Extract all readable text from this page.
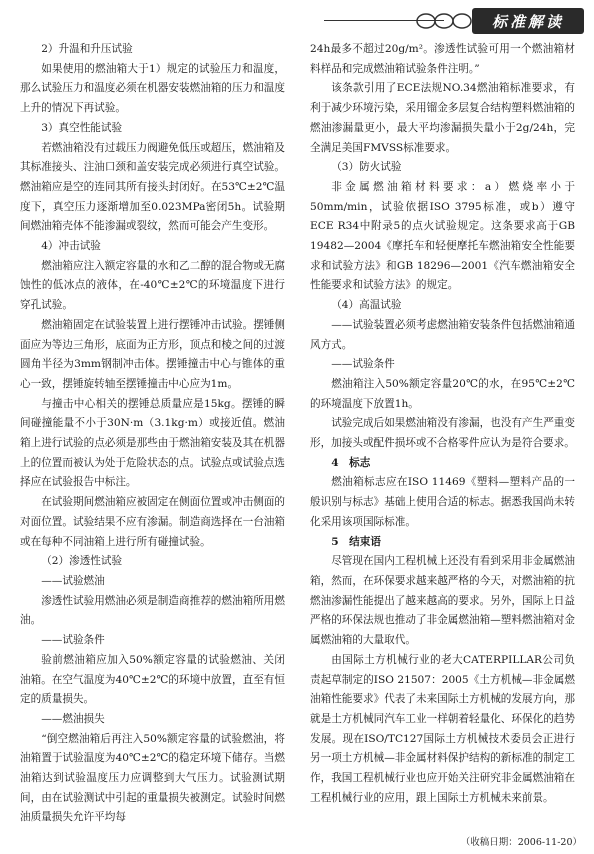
标准解读

2）升温和升压试验

如果使用的燃油箱大于1）规定的试验压力和温度，那么试验压力和温度必须在机器安装燃油箱的压力和温度上升的情况下再试验。

3）真空性能试验

若燃油箱没有过载压力阀避免低压或超压，燃油箱及其标准接头、注油口颈和盖安装完成必须进行真空试验。燃油箱应是空的连同其所有接头封闭好。在53℃±2℃温度下，真空压力逐渐增加至0.023MPa密闭5h。试验期间燃油箱壳体不能渗漏或裂纹，然而可能会产生变形。

4）冲击试验

燃油箱应注入额定容量的水和乙二醇的混合物或无腐蚀性的低冰点的液体，在-40℃±2℃的环境温度下进行穿孔试验。

燃油箱固定在试验装置上进行摆锤冲击试验。摆锤侧面应为等边三角形，底面为正方形，顶点和棱之间的过渡圆角半径为3mm钢制冲击体。摆锤撞击中心与锥体的重心一致，摆锤旋转轴至摆锤撞击中心应为1m。

与撞击中心相关的摆锤总质量应是15kg。摆锤的瞬间碰撞能量不小于30N·m（3.1kg·m）或接近值。燃油箱上进行试验的点必须是那些由于燃油箱安装及其在机器上的位置而被认为处于危险状态的点。试验点或试验点选择应在试验报告中标注。

在试验期间燃油箱应被固定在侧面位置或冲击侧面的对面位置。试验结果不应有渗漏。制造商选择在一台油箱或在每种不同油箱上进行所有碰撞试验。

（2）渗透性试验

——试验燃油

渗透性试验用燃油必须是制造商推荐的燃油箱所用燃油。

——试验条件

验前燃油箱应加入50%额定容量的试验燃油、关闭油箱。在空气温度为40℃±2℃的环境中放置，直至有恒定的质量损失。

——燃油损失

“倒空燃油箱后再注入50%额定容量的试验燃油，将油箱置于试验温度为40℃±2℃的稳定环境下储存。当燃油箱达到试验温度压力应调整到大气压力。试验测试期间，由在试验测试中引起的重量损失被测定。试验时间燃油质量损失允许平均每

24h最多不超过20g/m²。渗透性试验可用一个燃油箱材料样品和完成燃油箱试验条件注明。”

该条款引用了ECE法规NO.34燃油箱标准要求，有利于减少环境污染，采用镏金多层复合结构塑料燃油箱的燃油渗漏量更小，最大平均渗漏损失量小于2g/24h，完全满足美国FMVSS标准要求。

（3）防火试验

非金属燃油箱材料要求：a）燃烧率小于50mm/min，试验依据ISO 3795标准，或b）遵守ECE R34中附录5的点火试验规定。这条要求高于GB 19482—2004《摩托车和轻便摩托车燃油箱安全性能要求和试验方法》和GB 18296—2001《汽车燃油箱安全性能要求和试验方法》的规定。

（4）高温试验

——试验装置必须考虑燃油箱安装条件包括燃油箱通风方式。

——试验条件

燃油箱注入50%额定容量20℃的水，在95℃±2℃的环境温度下放置1h。

试验完成后如果燃油箱没有渗漏，也没有产生严重变形，加接头或配件损坏或不合格零件应认为是符合要求。

4　标志

燃油箱标志应在ISO 11469《塑料—塑料产品的一般识别与标志》基础上使用合适的标志。据悉我国尚未转化采用该项国际标准。

5　结束语

尽管现在国内工程机械上还没有看到采用非金属燃油箱，然而，在环保要求越来越严格的今天，对燃油箱的抗燃油渗漏性能提出了越来越高的要求。另外，国际上日益严格的环保法规也推动了非金属燃油箱—塑料燃油箱对金属燃油箱的大量取代。

由国际土方机械行业的老大CATERPILLAR公司负责起草制定的ISO 21507：2005《土方机械—非金属燃油箱性能要求》代表了未来国际土方机械的发展方向，那就是土方机械同汽车工业一样朝着轻量化、环保化的趋势发展。现在ISO/TC127国际土方机械技术委员会正进行另一项土方机械—非金属材料保护结构的新标准的制定工作，我国工程机械行业也应开始关注研究非金属燃油箱在工程机械行业的应用，跟上国际土方机械未来前景。

（收稿日期：2006-11-20）
